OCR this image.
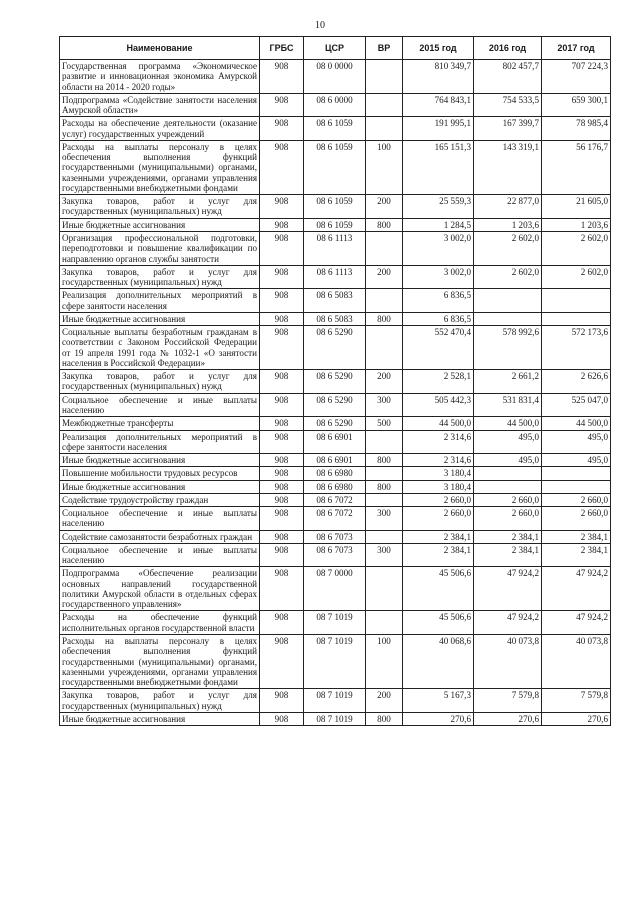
10
Наименование	ГРБС	ЦСР	ВР	2015 год	2016 год	2017 год
Государственная программа «Экономическое развитие и инновационная экономика Амурской области на 2014 - 2020 годы»	908	08 0 0000		810 349,7	802 457,7	707 224,3
Подпрограмма «Содействие занятости населения Амурской области»	908	08 6 0000		764 843,1	754 533,5	659 300,1
Расходы на обеспечение деятельности (оказание услуг) государственных учреждений	908	08 6 1059		191 995,1	167 399,7	78 985,4
Расходы на выплаты персоналу в целях обеспечения выполнения функций государственными (муниципальными) органами, казенными учреждениями, органами управления государственными внебюджетными фондами	908	08 6 1059	100	165 151,3	143 319,1	56 176,7
Закупка товаров, работ и услуг для государственных (муниципальных) нужд	908	08 6 1059	200	25 559,3	22 877,0	21 605,0
Иные бюджетные ассигнования	908	08 6 1059	800	1 284,5	1 203,6	1 203,6
Организация профессиональной подготовки, переподготовки и повышение квалификации по направлению органов службы занятости	908	08 6 1113		3 002,0	2 602,0	2 602,0
Закупка товаров, работ и услуг для государственных (муниципальных) нужд	908	08 6 1113	200	3 002,0	2 602,0	2 602,0
Реализация дополнительных мероприятий в сфере занятости населения	908	08 6 5083		6 836,5		
Иные бюджетные ассигнования	908	08 6 5083	800	6 836,5		
Социальные выплаты безработным гражданам в соответствии с Законом Российской Федерации от 19 апреля 1991 года № 1032-1 «О занятости населения в Российской Федерации»	908	08 6 5290		552 470,4	578 992,6	572 173,6
Закупка товаров, работ и услуг для государственных (муниципальных) нужд	908	08 6 5290	200	2 528,1	2 661,2	2 626,6
Социальное обеспечение и иные выплаты населению	908	08 6 5290	300	505 442,3	531 831,4	525 047,0
Межбюджетные трансферты	908	08 6 5290	500	44 500,0	44 500,0	44 500,0
Реализация дополнительных мероприятий в сфере занятости населения	908	08 6 6901		2 314,6	495,0	495,0
Иные бюджетные ассигнования	908	08 6 6901	800	2 314,6	495,0	495,0
Повышение мобильности трудовых ресурсов	908	08 6 6980		3 180,4		
Иные бюджетные ассигнования	908	08 6 6980	800	3 180,4		
Содействие трудоустройству граждан	908	08 6 7072		2 660,0	2 660,0	2 660,0
Социальное обеспечение и иные выплаты населению	908	08 6 7072	300	2 660,0	2 660,0	2 660,0
Содействие самозанятости безработных граждан	908	08 6 7073		2 384,1	2 384,1	2 384,1
Социальное обеспечение и иные выплаты населению	908	08 6 7073	300	2 384,1	2 384,1	2 384,1
Подпрограмма «Обеспечение реализации основных направлений государственной политики Амурской области в отдельных сферах государственного управления»	908	08 7 0000		45 506,6	47 924,2	47 924,2
Расходы на обеспечение функций исполнительных органов государственной власти	908	08 7 1019		45 506,6	47 924,2	47 924,2
Расходы на выплаты персоналу в целях обеспечения выполнения функций государственными (муниципальными) органами, казенными учреждениями, органами управления государственными внебюджетными фондами	908	08 7 1019	100	40 068,6	40 073,8	40 073,8
Закупка товаров, работ и услуг для государственных (муниципальных) нужд	908	08 7 1019	200	5 167,3	7 579,8	7 579,8
Иные бюджетные ассигнования	908	08 7 1019	800	270,6	270,6	270,6
